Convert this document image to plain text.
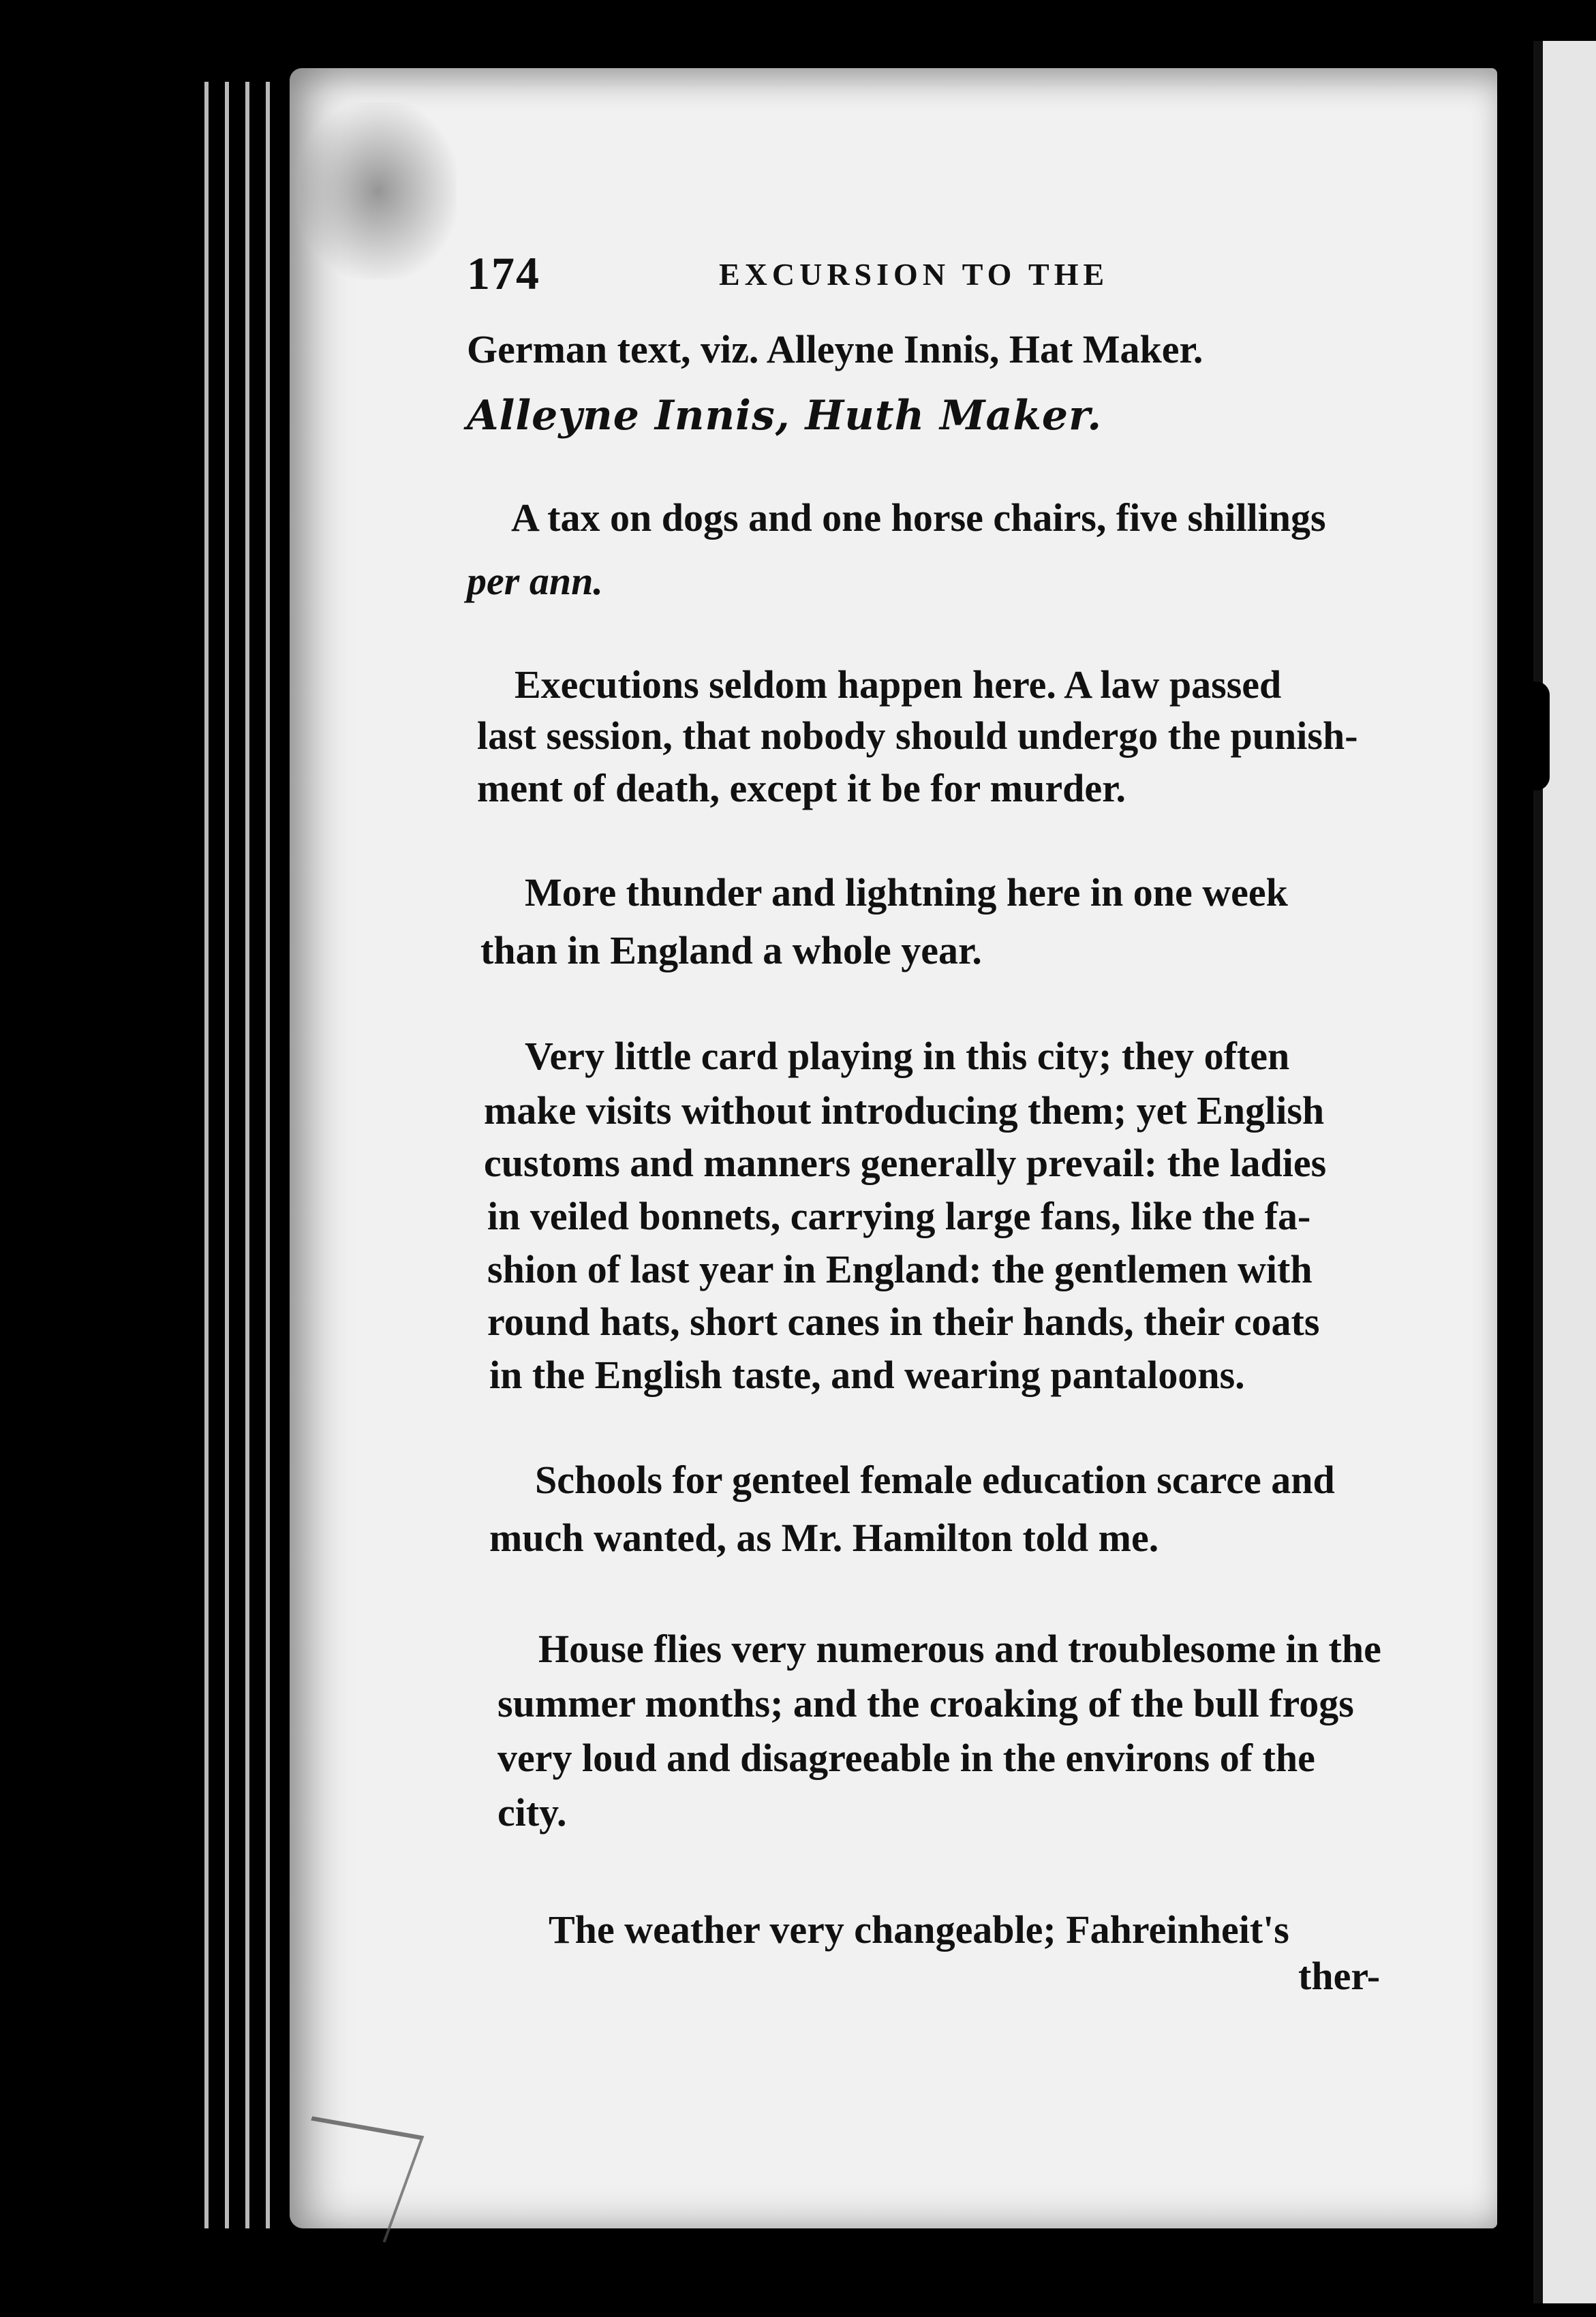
174	EXCURSION TO THE
German text, viz. Alleyne Innis, Hat Maker.
Alleyne Innis, Huth Maker.
A tax on dogs and one horse chairs, five shillings
per ann.
Executions seldom happen here. A law passed
last session, that nobody should undergo the punish-
ment of death, except it be for murder.
More thunder and lightning here in one week
than in England a whole year.
Very little card playing in this city; they often
make visits without introducing them; yet English
customs and manners generally prevail: the ladies
in veiled bonnets, carrying large fans, like the fa-
shion of last year in England: the gentlemen with
round hats, short canes in their hands, their coats
in the English taste, and wearing pantaloons.
Schools for genteel female education scarce and
much wanted, as Mr. Hamilton told me.
House flies very numerous and troublesome in the
summer months; and the croaking of the bull frogs
very loud and disagreeable in the environs of the
city.
The weather very changeable; Fahreinheit's
ther-
